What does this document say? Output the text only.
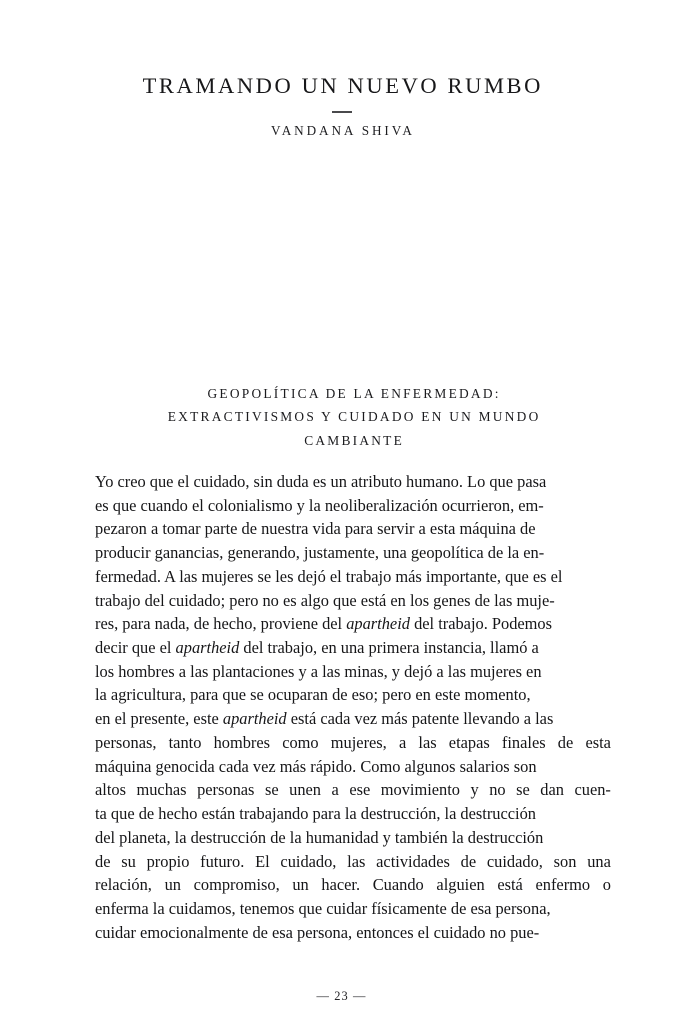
TRAMANDO UN NUEVO RUMBO
VANDANA SHIVA
GEOPOLÍTICA DE LA ENFERMEDAD:
EXTRACTIVISMOS Y CUIDADO EN UN MUNDO
CAMBIANTE
Yo creo que el cuidado, sin duda es un atributo humano. Lo que pasa
es que cuando el colonialismo y la neoliberalización ocurrieron, em-
pezaron a tomar parte de nuestra vida para servir a esta máquina de
producir ganancias, generando, justamente, una geopolítica de la en-
fermedad. A las mujeres se les dejó el trabajo más importante, que es el
trabajo del cuidado; pero no es algo que está en los genes de las muje-
res, para nada, de hecho, proviene del apartheid del trabajo. Podemos
decir que el apartheid del trabajo, en una primera instancia, llamó a
los hombres a las plantaciones y a las minas, y dejó a las mujeres en
la agricultura, para que se ocuparan de eso; pero en este momento,
en el presente, este apartheid está cada vez más patente llevando a las
personas, tanto hombres como mujeres, a las etapas finales de esta
máquina genocida cada vez más rápido. Como algunos salarios son
altos muchas personas se unen a ese movimiento y no se dan cuen-
ta que de hecho están trabajando para la destrucción, la destrucción
del planeta, la destrucción de la humanidad y también la destrucción
de su propio futuro. El cuidado, las actividades de cuidado, son una
relación, un compromiso, un hacer. Cuando alguien está enfermo o
enferma la cuidamos, tenemos que cuidar físicamente de esa persona,
cuidar emocionalmente de esa persona, entonces el cuidado no pue-
— 23 —
